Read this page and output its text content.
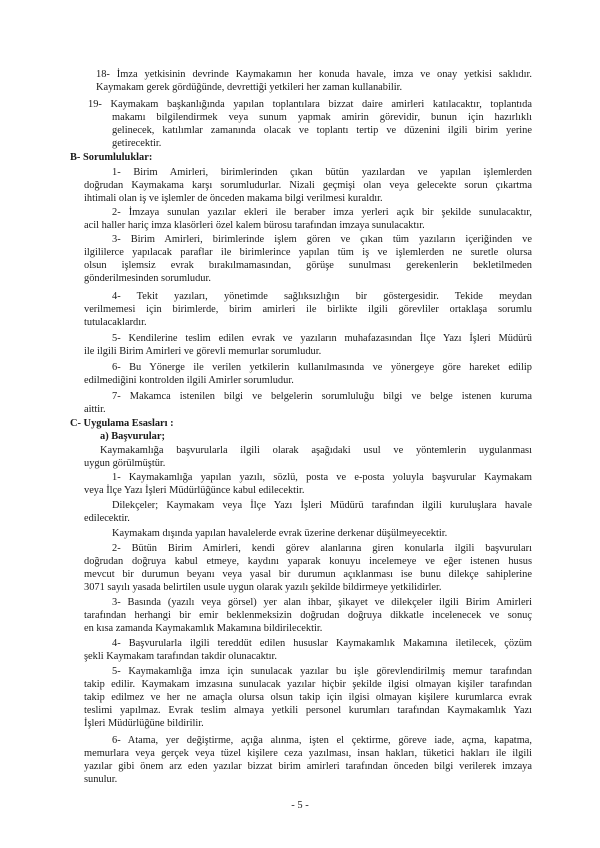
18- İmza yetkisinin devrinde Kaymakamın her konuda havale, imza ve onay yetkisi saklıdır.
Kaymakam gerek gördüğünde, devrettiği yetkileri her zaman kullanabilir.
19- Kaymakam başkanlığında yapılan toplantılara bizzat daire amirleri katılacaktır, toplantıda
makamı bilgilendirmek veya sunum yapmak amirin görevidir, bunun için hazırlıklı
gelinecek, katılımlar zamanında olacak ve toplantı tertip ve düzenini ilgili birim yerine
getirecektir.
B- Sorumluluklar:
1- Birim Amirleri, birimlerinden çıkan bütün yazılardan ve yapılan işlemlerden
doğrudan Kaymakama karşı sorumludurlar. Nizali geçmişi olan veya gelecekte sorun çıkartma
ihtimali olan iş ve işlemler de önceden makama bilgi verilmesi kuraldır.
2- İmzaya sunulan yazılar ekleri ile beraber imza yerleri açık bir şekilde sunulacaktır,
acil haller hariç imza klasörleri özel kalem bürosu tarafından imzaya sunulacaktır.
3- Birim Amirleri, birimlerinde işlem gören ve çıkan tüm yazıların içeriğinden ve
ilgililerce yapılacak paraflar ile birimlerince yapılan tüm iş ve işlemlerden ne suretle olursa
olsun işlemsiz evrak bırakılmamasından, görüşe sunulması gerekenlerin bekletilmeden
gönderilmesinden sorumludur.
4- Tekit yazıları, yönetimde sağlıksızlığın bir göstergesidir. Tekide meydan
verilmemesi için birimlerde, birim amirleri ile birlikte ilgili görevliler ortaklaşa sorumlu
tutulacaklardır.
5- Kendilerine teslim edilen evrak ve yazıların muhafazasından İlçe Yazı İşleri Müdürü
ile ilgili Birim Amirleri ve görevli memurlar sorumludur.
6- Bu Yönerge ile verilen yetkilerin kullanılmasında ve yönergeye göre hareket edilip
edilmediğini kontrolden ilgili Amirler sorumludur.
7- Makamca istenilen bilgi ve belgelerin sorumluluğu bilgi ve belge istenen kuruma
aittir.
C- Uygulama Esasları :
a) Başvurular;
Kaymakamlığa başvurularla ilgili olarak aşağıdaki usul ve yöntemlerin uygulanması
uygun görülmüştür.
1- Kaymakamlığa yapılan yazılı, sözlü, posta ve e-posta yoluyla başvurular Kaymakam
veya İlçe Yazı İşleri Müdürlüğünce kabul edilecektir.
Dilekçeler; Kaymakam veya İlçe Yazı İşleri Müdürü tarafından ilgili kuruluşlara havale
edilecektir.
Kaymakam dışında yapılan havalelerde evrak üzerine derkenar düşülmeyecektir.
2- Bütün Birim Amirleri, kendi görev alanlarına giren konularla ilgili başvuruları
doğrudan doğruya kabul etmeye, kaydını yaparak konuyu incelemeye ve eğer istenen husus
mevcut bir durumun beyanı veya yasal bir durumun açıklanması ise bunu dilekçe sahiplerine
3071 sayılı yasada belirtilen usule uygun olarak yazılı şekilde bildirmeye yetkilidirler.
3- Basında (yazılı veya görsel) yer alan ihbar, şikayet ve dilekçeler ilgili Birim Amirleri
tarafından herhangi bir emir beklenmeksizin doğrudan doğruya dikkatle incelenecek ve sonuç
en kısa zamanda Kaymakamlık Makamına bildirilecektir.
4- Başvurularla ilgili tereddüt edilen hususlar Kaymakamlık Makamına iletilecek, çözüm
şekli Kaymakam tarafından takdir olunacaktır.
5- Kaymakamlığa imza için sunulacak yazılar bu işle görevlendirilmiş memur tarafından
takip edilir. Kaymakam imzasına sunulacak yazılar hiçbir şekilde ilgisi olmayan kişiler tarafından
takip edilmez ve her ne amaçla olursa olsun takip için ilgisi olmayan kişilere kurumlarca evrak
teslimi yapılmaz. Evrak teslim almaya yetkili personel kurumları tarafından Kaymakamlık Yazı
İşleri Müdürlüğüne bildirilir.
6- Atama, yer değiştirme, açığa alınma, işten el çektirme, göreve iade, açma, kapatma,
memurlara veya gerçek veya tüzel kişilere ceza yazılması, insan hakları, tüketici hakları ile ilgili
yazılar gibi önem arz eden yazılar bizzat birim amirleri tarafından önceden bilgi verilerek imzaya
sunulur.
- 5 -
